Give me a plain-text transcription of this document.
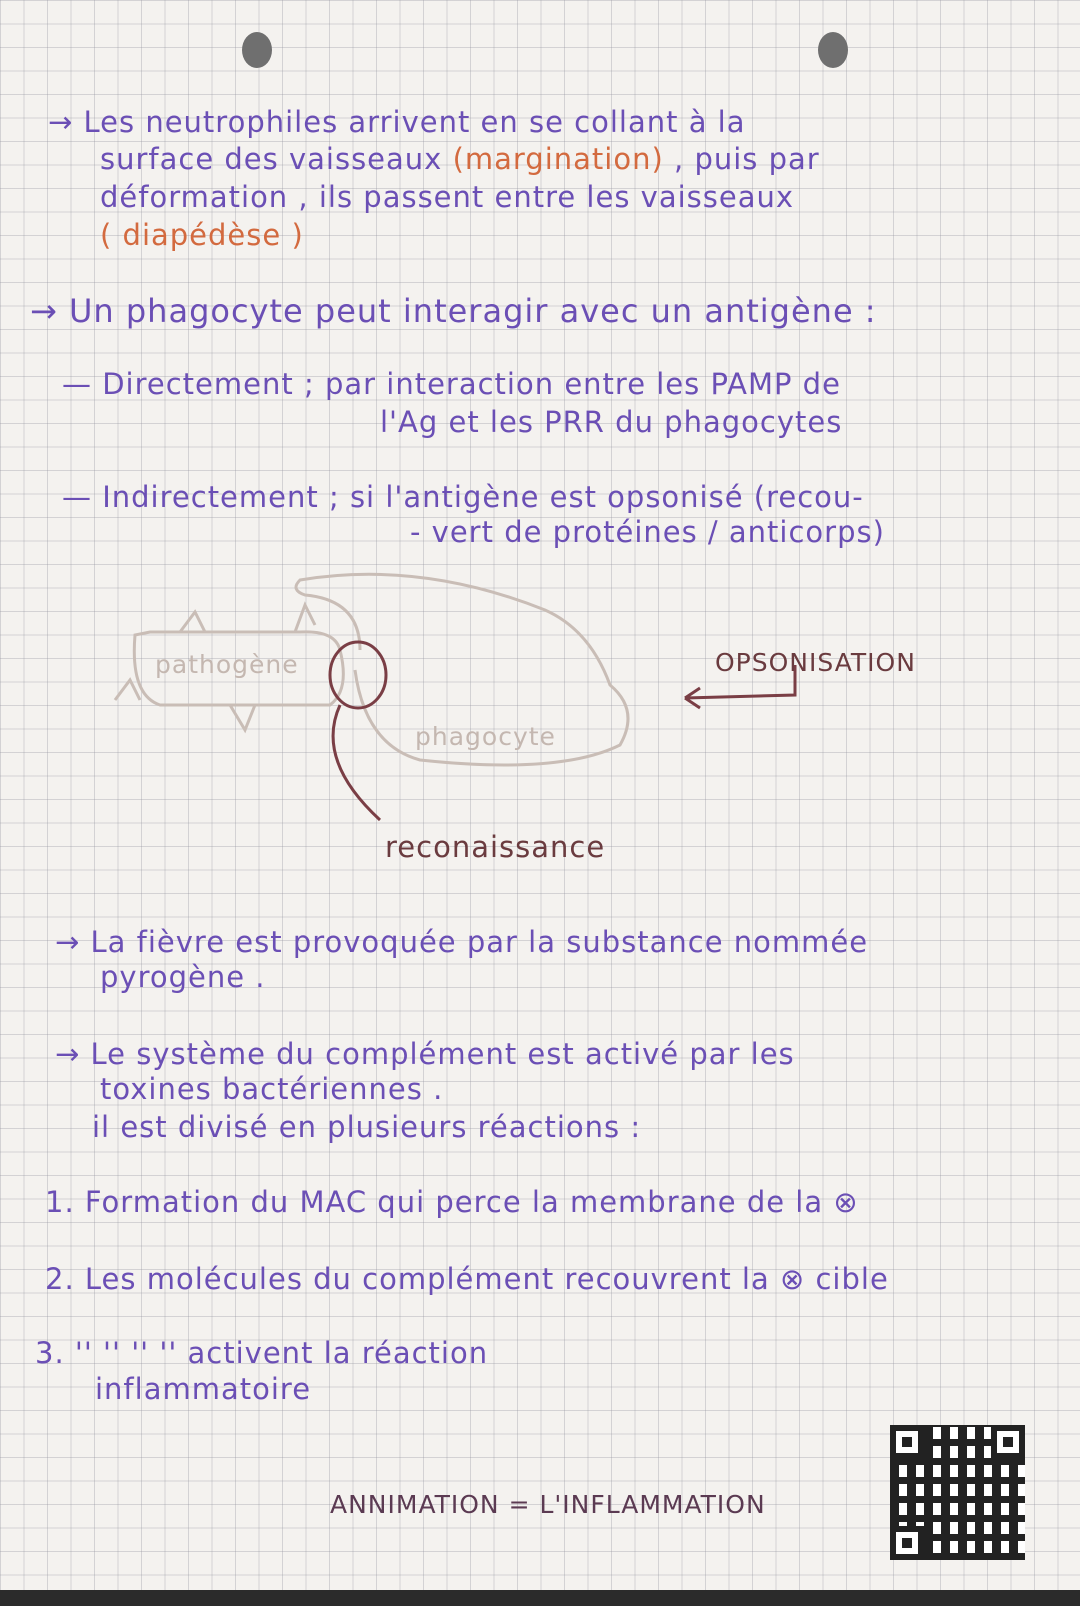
→ Les neutrophiles arrivent en se collant à la
surface des vaisseaux (margination) , puis par
déformation , ils passent entre les vaisseaux
( diapédèse )
→ Un phagocyte peut interagir avec un antigène :
— Directement ; par interaction entre les PAMP de
l'Ag et les PRR du phagocytes
— Indirectement ; si l'antigène est opsonisé (recou-
- vert de protéines / anticorps)
pathogène
phagocyte
OPSONISATION
reconaissance
→ La fièvre est provoquée par la substance nommée
pyrogène .
→ Le système du complément est activé par les
toxines bactériennes .
il est divisé en plusieurs réactions :
1. Formation du MAC qui perce la membrane de la ⊗
2. Les molécules du complément recouvrent la ⊗ cible
3. '' '' '' '' activent la réaction
inflammatoire
ANNIMATION = L'INFLAMMATION
